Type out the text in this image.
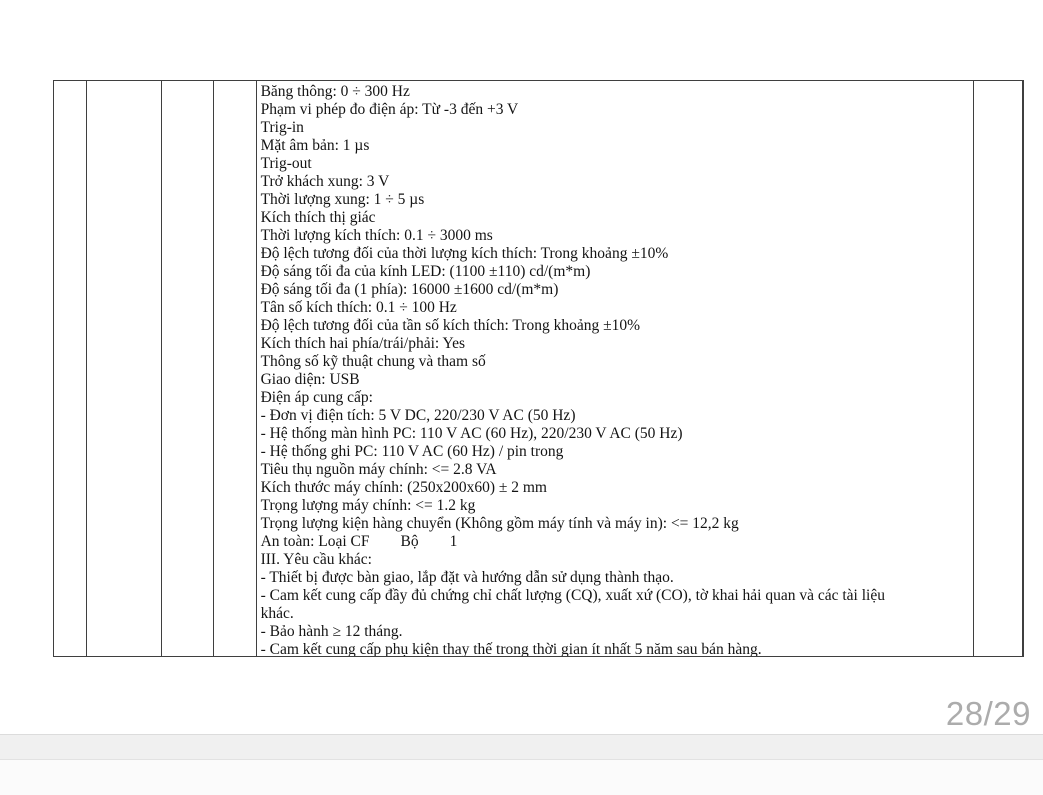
Băng thông: 0 ÷ 300 Hz
Phạm vi phép đo điện áp: Từ -3 đến +3 V
Trig-in
Mặt âm bản: 1 µs
Trig-out
Trở khách xung: 3 V
Thời lượng xung: 1 ÷ 5 µs
Kích thích thị giác
Thời lượng kích thích: 0.1 ÷ 3000 ms
Độ lệch tương đối của thời lượng kích thích: Trong khoảng ±10%
Độ sáng tối đa của kính LED: (1100 ±110) cd/(m*m)
Độ sáng tối đa (1 phía): 16000 ±1600 cd/(m*m)
Tân số kích thích: 0.1 ÷ 100 Hz
Độ lệch tương đối của tần số kích thích: Trong khoảng ±10%
Kích thích hai phía/trái/phải: Yes
Thông số kỹ thuật chung và tham số
Giao diện: USB
Điện áp cung cấp:
- Đơn vị điện tích: 5 V DC, 220/230 V AC (50 Hz)
- Hệ thống màn hình PC: 110 V AC (60 Hz), 220/230 V AC (50 Hz)
- Hệ thống ghi PC: 110 V AC (60 Hz) / pin trong
Tiêu thụ nguồn máy chính: <= 2.8 VA
Kích thước máy chính: (250x200x60) ± 2 mm
Trọng lượng máy chính: <= 1.2 kg
Trọng lượng kiện hàng chuyển (Không gồm máy tính và máy in): <= 12,2 kg
An toàn: Loại CF        Bộ        1
III. Yêu cầu khác:
- Thiết bị được bàn giao, lắp đặt và hướng dẫn sử dụng thành thạo.
- Cam kết cung cấp đầy đủ chứng chỉ chất lượng (CQ), xuất xứ (CO), tờ khai hải quan và các tài liệu
khác.
- Bảo hành ≥ 12 tháng.
- Cam kết cung cấp phụ kiện thay thế trong thời gian ít nhất 5 năm sau bán hàng.
28/29
